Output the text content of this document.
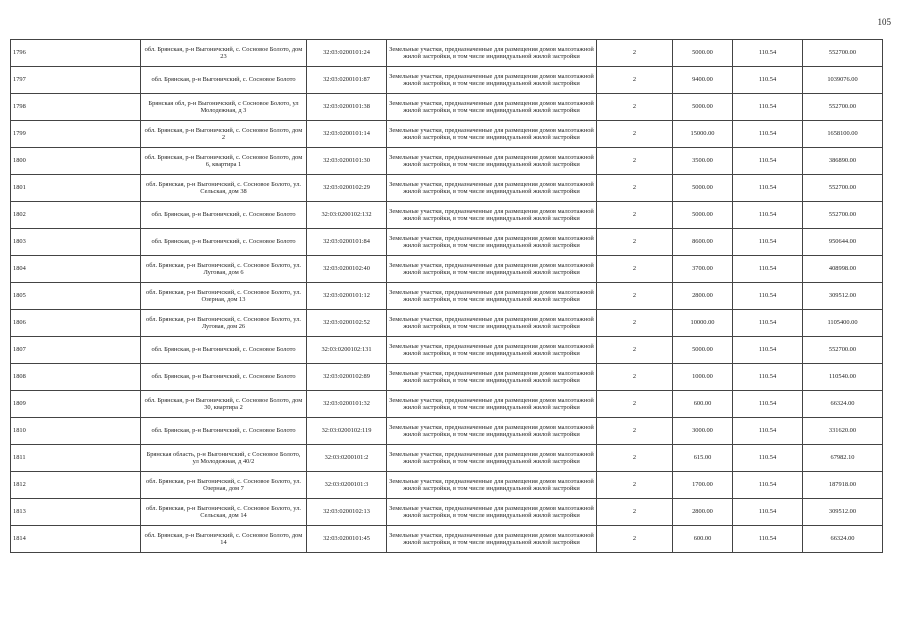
105
1796	обл. Брянская, р-н Выгоничский, с. Сосновое Болото, дом 23	32:03:0200101:24	Земельные участки, предназначенные для размещения домов малоэтажной жилой застройки, в том числе индивидуальной жилой застройки	2	5000.00	110.54	552700.00
1797	обл. Брянская, р-н Выгоничский, с. Сосновое Болото	32:03:0200101:87	Земельные участки, предназначенные для размещения домов малоэтажной жилой застройки, в том числе индивидуальной жилой застройки	2	9400.00	110.54	1039076.00
1798	Брянская обл, р-н Выгоничский, с Сосновое Болото, ул Молодежная, д 3	32:03:0200101:38	Земельные участки, предназначенные для размещения домов малоэтажной жилой застройки, в том числе индивидуальной жилой застройки	2	5000.00	110.54	552700.00
1799	обл. Брянская, р-н Выгоничский, с. Сосновое Болото, дом 2	32:03:0200101:14	Земельные участки, предназначенные для размещения домов малоэтажной жилой застройки, в том числе индивидуальной жилой застройки	2	15000.00	110.54	1658100.00
1800	обл. Брянская, р-н Выгоничский, с. Сосновое Болото, дом 6, квартира 1	32:03:0200101:30	Земельные участки, предназначенные для размещения домов малоэтажной жилой застройки, в том числе индивидуальной жилой застройки	2	3500.00	110.54	386890.00
1801	обл. Брянская, р-н Выгоничский, с. Сосновое Болото, ул. Сельская, дом 38	32:03:0200102:29	Земельные участки, предназначенные для размещения домов малоэтажной жилой застройки, в том числе индивидуальной жилой застройки	2	5000.00	110.54	552700.00
1802	обл. Брянская, р-н Выгоничский, с. Сосновое Болото	32:03:0200102:132	Земельные участки, предназначенные для размещения домов малоэтажной жилой застройки, в том числе индивидуальной жилой застройки	2	5000.00	110.54	552700.00
1803	обл. Брянская, р-н Выгоничский, с. Сосновое Болото	32:03:0200101:84	Земельные участки, предназначенные для размещения домов малоэтажной жилой застройки, в том числе индивидуальной жилой застройки	2	8600.00	110.54	950644.00
1804	обл. Брянская, р-н Выгоничский, с. Сосновое Болото, ул. Луговая, дом 6	32:03:0200102:40	Земельные участки, предназначенные для размещения домов малоэтажной жилой застройки, в том числе индивидуальной жилой застройки	2	3700.00	110.54	408998.00
1805	обл. Брянская, р-н Выгоничский, с. Сосновое Болото, ул. Озерная, дом 13	32:03:0200101:12	Земельные участки, предназначенные для размещения домов малоэтажной жилой застройки, в том числе индивидуальной жилой застройки	2	2800.00	110.54	309512.00
1806	обл. Брянская, р-н Выгоничский, с. Сосновое Болото, ул. Луговая, дом 26	32:03:0200102:52	Земельные участки, предназначенные для размещения домов малоэтажной жилой застройки, в том числе индивидуальной жилой застройки	2	10000.00	110.54	1105400.00
1807	обл. Брянская, р-н Выгоничский, с. Сосновое Болото	32:03:0200102:131	Земельные участки, предназначенные для размещения домов малоэтажной жилой застройки, в том числе индивидуальной жилой застройки	2	5000.00	110.54	552700.00
1808	обл. Брянская, р-н Выгоничский, с. Сосновое Болото	32:03:0200102:89	Земельные участки, предназначенные для размещения домов малоэтажной жилой застройки, в том числе индивидуальной жилой застройки	2	1000.00	110.54	110540.00
1809	обл. Брянская, р-н Выгоничский, с. Сосновое Болото, дом 30, квартира 2	32:03:0200101:32	Земельные участки, предназначенные для размещения домов малоэтажной жилой застройки, в том числе индивидуальной жилой застройки	2	600.00	110.54	66324.00
1810	обл. Брянская, р-н Выгоничский, с. Сосновое Болото	32:03:0200102:119	Земельные участки, предназначенные для размещения домов малоэтажной жилой застройки, в том числе индивидуальной жилой застройки	2	3000.00	110.54	331620.00
1811	Брянская область, р-н Выгоничский, с Сосновое Болото, ул Молодежная, д 40/2	32:03:0200101:2	Земельные участки, предназначенные для размещения домов малоэтажной жилой застройки, в том числе индивидуальной жилой застройки	2	615.00	110.54	67982.10
1812	обл. Брянская, р-н Выгоничский, с. Сосновое Болото, ул. Озерная, дом 7	32:03:0200101:3	Земельные участки, предназначенные для размещения домов малоэтажной жилой застройки, в том числе индивидуальной жилой застройки	2	1700.00	110.54	187918.00
1813	обл. Брянская, р-н Выгоничский, с. Сосновое Болото, ул. Сельская, дом 14	32:03:0200102:13	Земельные участки, предназначенные для размещения домов малоэтажной жилой застройки, в том числе индивидуальной жилой застройки	2	2800.00	110.54	309512.00
1814	обл. Брянская, р-н Выгоничский, с. Сосновое Болото, дом 14	32:03:0200101:45	Земельные участки, предназначенные для размещения домов малоэтажной жилой застройки, в том числе индивидуальной жилой застройки	2	600.00	110.54	66324.00
